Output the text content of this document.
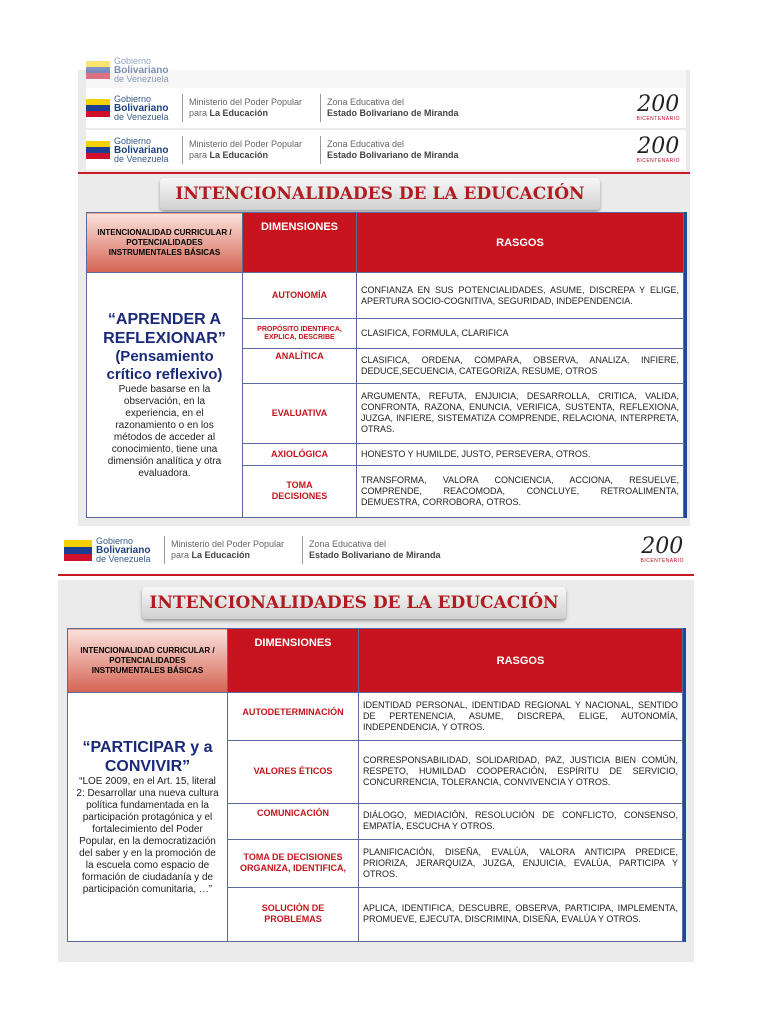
Gobierno
Bolivariano
de Venezuela
Gobierno
Bolivariano
de Venezuela
Ministerio del Poder Popular
para La Educación
Zona Educativa del
Estado Bolivariano de Miranda	200
BICENTENARIO
Gobierno
Bolivariano
de Venezuela
Ministerio del Poder Popular
para La Educación
Zona Educativa del
Estado Bolivariano de Miranda	200
BICENTENARIO
INTENCIONALIDADES DE LA EDUCACIÓN
INTENCIONALIDAD CURRICULAR / POTENCIALIDADES INSTRUMENTALES BÁSICAS	DIMENSIONES	RASGOS

“APRENDER A
REFLEXIONAR”
(Pensamiento
crítico reflexivo)
Puede basarse en la observación, en la experiencia, en el razonamiento o en los métodos de acceder al conocimiento, tiene una dimensión analítica y otra evaluadora.	AUTONOMÍA	CONFIANZA EN SUS POTENCIALIDADES, ASUME, DISCREPA Y ELIGE, APERTURA SOCIO-COGNITIVA, SEGURIDAD, INDEPENDENCIA.
	PROPÓSITO IDENTIFICA, EXPLICA, DESCRIBE	CLASIFICA, FORMULA, CLARIFICA
	ANALÍTICA	CLASIFICA, ORDENA, COMPARA, OBSERVA, ANALIZA, INFIERE, DEDUCE,SECUENCIA, CATEGORIZA, RESUME, OTROS
	EVALUATIVA	ARGUMENTA, REFUTA, ENJUICIA, DESARROLLA, CRITICA, VALIDA, CONFRONTA, RAZONA, ENUNCIA, VERIFICA, SUSTENTA, REFLEXIONA, JUZGA, INFIERE, SISTEMATIZA COMPRENDE, RELACIONA, INTERPRETA, OTRAS.
	AXIOLÓGICA	HONESTO Y HUMILDE, JUSTO, PERSEVERA, OTROS.
	TOMA DECISIONES	TRANSFORMA, VALORA CONCIENCIA, ACCIONA, RESUELVE, COMPRENDE, REACOMODA, CONCLUYE, RETROALIMENTA, DEMUESTRA, CORROBORA, OTROS.
Gobierno
Bolivariano
de Venezuela
Ministerio del Poder Popular
para La Educación
Zona Educativa del
Estado Bolivariano de Miranda	200
BICENTENARIO
INTENCIONALIDADES DE LA EDUCACIÓN
INTENCIONALIDAD CURRICULAR / POTENCIALIDADES INSTRUMENTALES BÁSICAS	DIMENSIONES	RASGOS

“PARTICIPAR y a
CONVIVIR”
“LOE 2009, en el Art. 15, literal 2: Desarrollar una nueva cultura política fundamentada en la participación protagónica y el fortalecimiento del Poder Popular, en la democratización del saber y en la promoción de la escuela como espacio de formación de ciudadanía y de participación comunitaria, …”	AUTODETERMINACIÓN	IDENTIDAD PERSONAL, IDENTIDAD REGIONAL Y NACIONAL, SENTIDO DE PERTENENCIA, ASUME, DISCREPA, ELIGE, AUTONOMÍA, INDEPENDENCIA, Y OTROS.
	VALORES ÉTICOS	CORRESPONSABILIDAD, SOLIDARIDAD, PAZ, JUSTICIA BIEN COMÚN, RESPETO, HUMILDAD COOPERACIÓN, ESPÍRITU DE SERVICIO, CONCURRENCIA, TOLERANCIA, CONVIVENCIA Y OTROS.
	COMUNICACIÓN	DIÁLOGO, MEDIACIÓN, RESOLUCIÓN DE CONFLICTO, CONSENSO, EMPATÍA, ESCUCHA Y OTROS.
	TOMA DE DECISIONES ORGANIZA, IDENTIFICA,	PLANIFICACIÓN, DISEÑA, EVALÚA, VALORA ANTICIPA PREDICE, PRIORIZA, JERARQUIZA, JUZGA, ENJUICIA, EVALÚA, PARTICIPA Y OTROS.
	SOLUCIÓN DE PROBLEMAS	APLICA, IDENTIFICA, DESCUBRE, OBSERVA, PARTICIPA, IMPLEMENTA, PROMUEVE, EJECUTA, DISCRIMINA, DISEÑA, EVALÚA Y OTROS.
